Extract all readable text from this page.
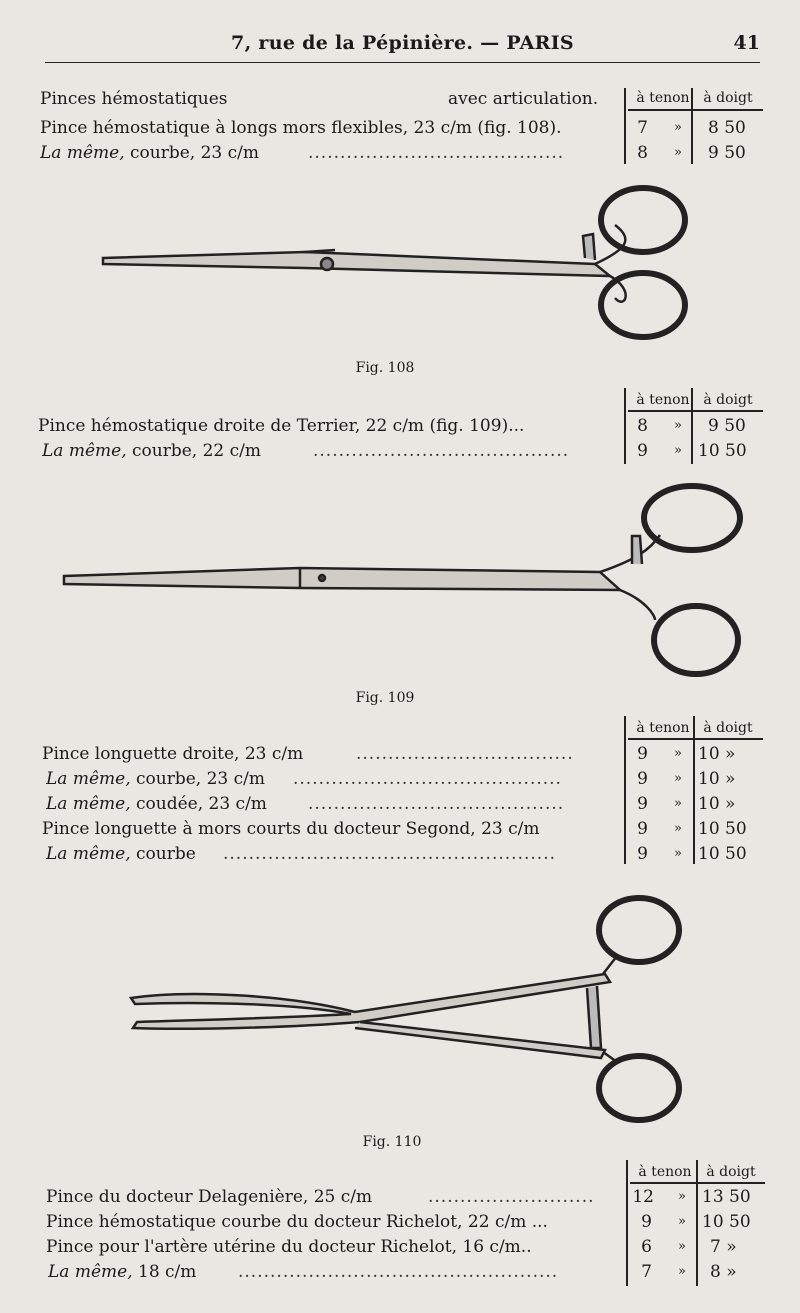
7, rue de la Pépinière. — PARIS	41
à tenon à doigt
Pinces hémostatiques	avec articulation.
Pince hémostatique à longs mors flexibles, 23 c/m (fig. 108).	7 » 8 50
La même, courbe, 23 c/m	........................................	8 » 9 50
Fig. 108
à tenon à doigt
Pince hémostatique droite de Terrier, 22 c/m (fig. 109)...	8 » 9 50
La même, courbe, 22 c/m	........................................	9 » 10 50
Fig. 109
à tenon à doigt
Pince longuette droite, 23 c/m	..................................	9 » 10 »
La même, courbe, 23 c/m ..........................................	9 » 10 »
La même, coudée, 23 c/m ........................................	9 » 10 »
Pince longuette à mors courts du docteur Segond, 23 c/m	9 » 10 50
La même, courbe ....................................................	9 » 10 50
Fig. 110
à tenon	à doigt
Pince du docteur Delagenière, 25 c/m	..........................	12 » 13 50
Pince hémostatique courbe du docteur Richelot, 22 c/m ...	9 » 10 50
Pince pour l'artère utérine du docteur Richelot, 16 c/m..	6 » 7 »
La même, 18 c/m ..................................................	7 » 8 »
